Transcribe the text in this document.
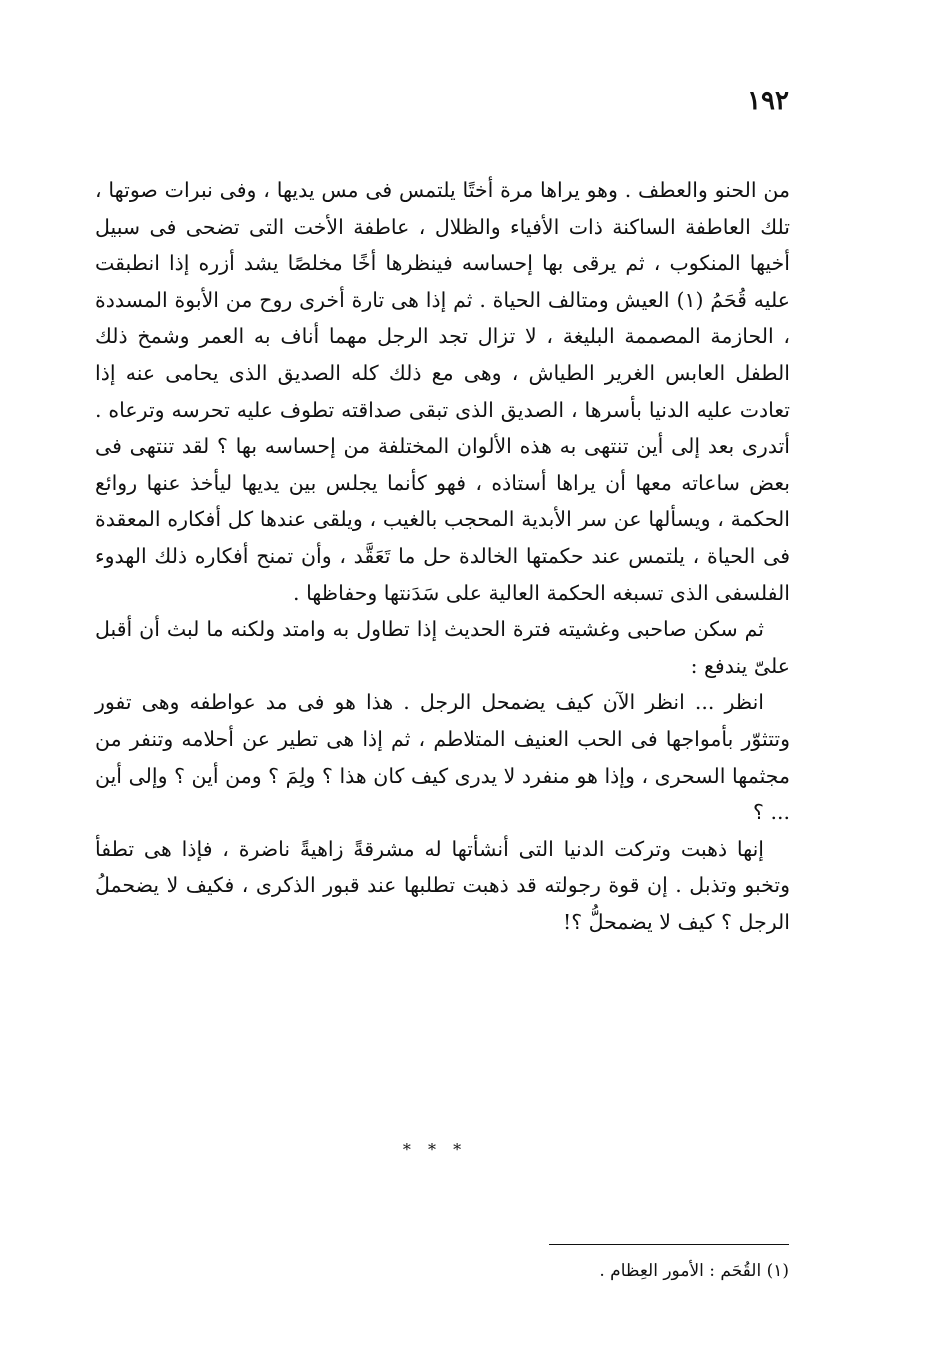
١٩٢

من الحنو والعطف . وهو يراها مرة أختًا يلتمس فى مس يديها ، وفى نبرات صوتها ، تلك العاطفة الساكنة ذات الأفياء والظلال ، عاطفة الأخت التى تضحى فى سبيل أخيها المنكوب ، ثم يرقى بها إحساسه فينظرها أخًا مخلصًا يشد أزره إذا انطبقت عليه قُحَمُ (١) العيش ومتالف الحياة . ثم إذا هى تارة أخرى روح من الأبوة المسددة ، الحازمة المصممة البليغة ، لا تزال تجد الرجل مهما أناف به العمر وشمخ ذلك الطفل العابس الغرير الطياش ، وهى مع ذلك كله الصديق الذى يحامى عنه إذا تعادت عليه الدنيا بأسرها ، الصديق الذى تبقى صداقته تطوف عليه تحرسه وترعاه . أتدرى بعد إلى أين تنتهى به هذه الألوان المختلفة من إحساسه بها ؟ لقد تنتهى فى بعض ساعاته معها أن يراها أستاذه ، فهو كأنما يجلس بين يديها ليأخذ عنها روائع الحكمة ، ويسألها عن سر الأبدية المحجب بالغيب ، ويلقى عندها كل أفكاره المعقدة فى الحياة ، يلتمس عند حكمتها الخالدة حل ما تَعَقَّد ، وأن تمنح أفكاره ذلك الهدوء الفلسفى الذى تسبغه الحكمة العالية على سَدَنتها وحفاظها .

ثم سكن صاحبى وغشيته فترة الحديث إذا تطاول به وامتد ولكنه ما لبث أن أقبل علىّ يندفع :

انظر ... انظر الآن كيف يضمحل الرجل . هذا هو فى مد عواطفه وهى تفور وتتثوّر بأمواجها فى الحب العنيف المتلاطم ، ثم إذا هى تطير عن أحلامه وتنفر من مجثمها السحرى ، وإذا هو منفرد لا يدرى كيف كان هذا ؟ ولِمَ ؟ ومن أين ؟ وإلى أين ... ؟

إنها ذهبت وتركت الدنيا التى أنشأتها له مشرقةً زاهيةً ناضرة ، فإذا هى تطفأ وتخبو وتذبل . إن قوة رجولته قد ذهبت تطلبها عند قبور الذكرى ، فكيف لا يضحملُ الرجل ؟ كيف لا يضمحلُّ ؟!

* * *
(١) القُحَم : الأمور العِظام .
